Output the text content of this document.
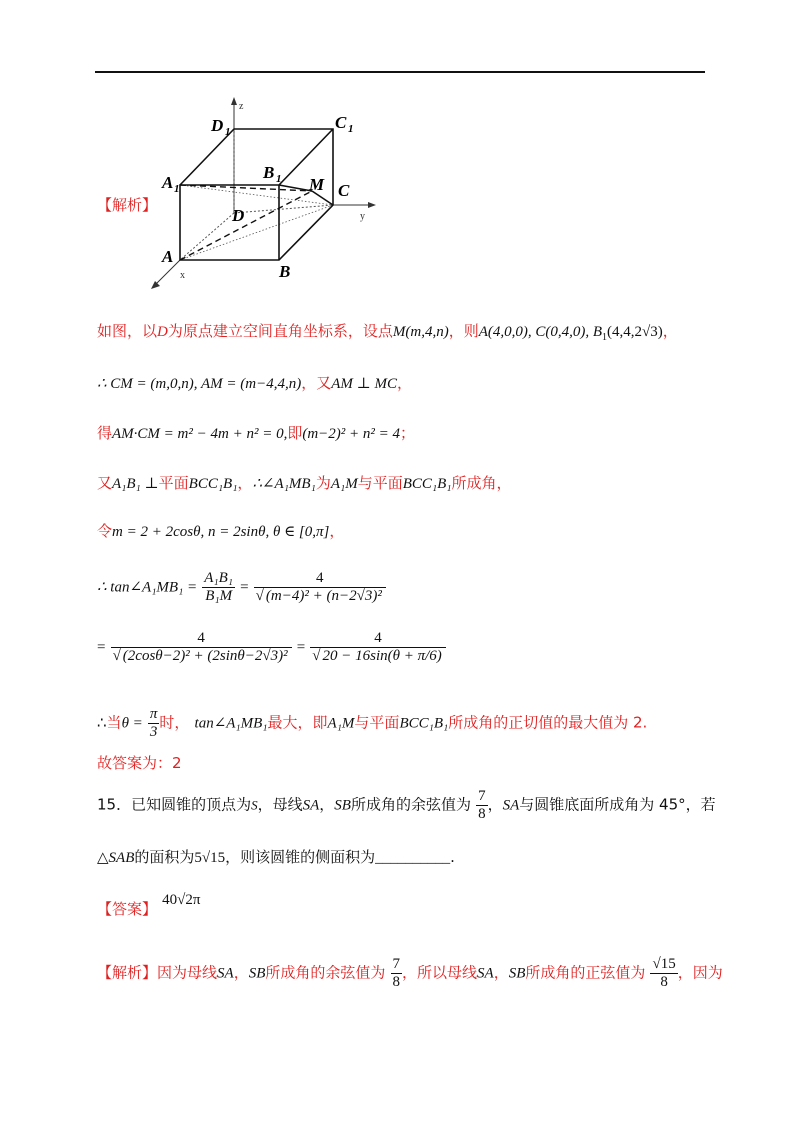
D 1	C 1
A 1
B 1 M C
D
A
B
z
y
x
【解析】
如图，以D为原点建立空间直角坐标系，设点M(m,4,n)，则A(4,0,0), C(0,4,0), $B_1(4,4,2√3)$，
∴ CM = (m,0,n), AM = (m−4,4,n)，又AM ⊥ MC，
得AM·CM = m² − 4m + n² = 0,即(m−2)² + n² = 4；
又A₁B₁ ⊥平面BCC₁B₁，∴∠A₁MB₁为A₁M与平面BCC₁B₁所成角，
令m = 2 + 2cosθ, n = 2sinθ, θ ∈ [0,π]，
∴ tan∠A₁MB₁ = $\frac{\text{A₁B₁}}{\text{B₁M}} = \frac{4}{\text{√ (m−4)² + (n−2√3)²}}$
= $\frac{4}{\text{√ (2cosθ−2)² + (2sinθ−2√3)²}} = \frac{4}{√ 20 - 16\sin(\theta + \pi/6)}$
∴当$\theta = \frac{\pi}{3}$ 时， tan∠A₁MB₁最大，即A₁M与平面BCC₁B₁所成角的正切值的最大值为 2.
故答案为：2
15．已知圆锥的顶点为S，母线SA，SB所成角的余弦值为 $\frac{7}{8}$ ，SA与圆锥底面所成角为 45°，若
△SAB的面积为5√15，则该圆锥的侧面积为__________.
【答案】 40√2π
【解析】因为母线SA，SB所成角的余弦值为 $\frac{7}{8}$ ，所以母线SA，SB所成角的正弦值为 $\frac{√15}{8}$ ，因为
